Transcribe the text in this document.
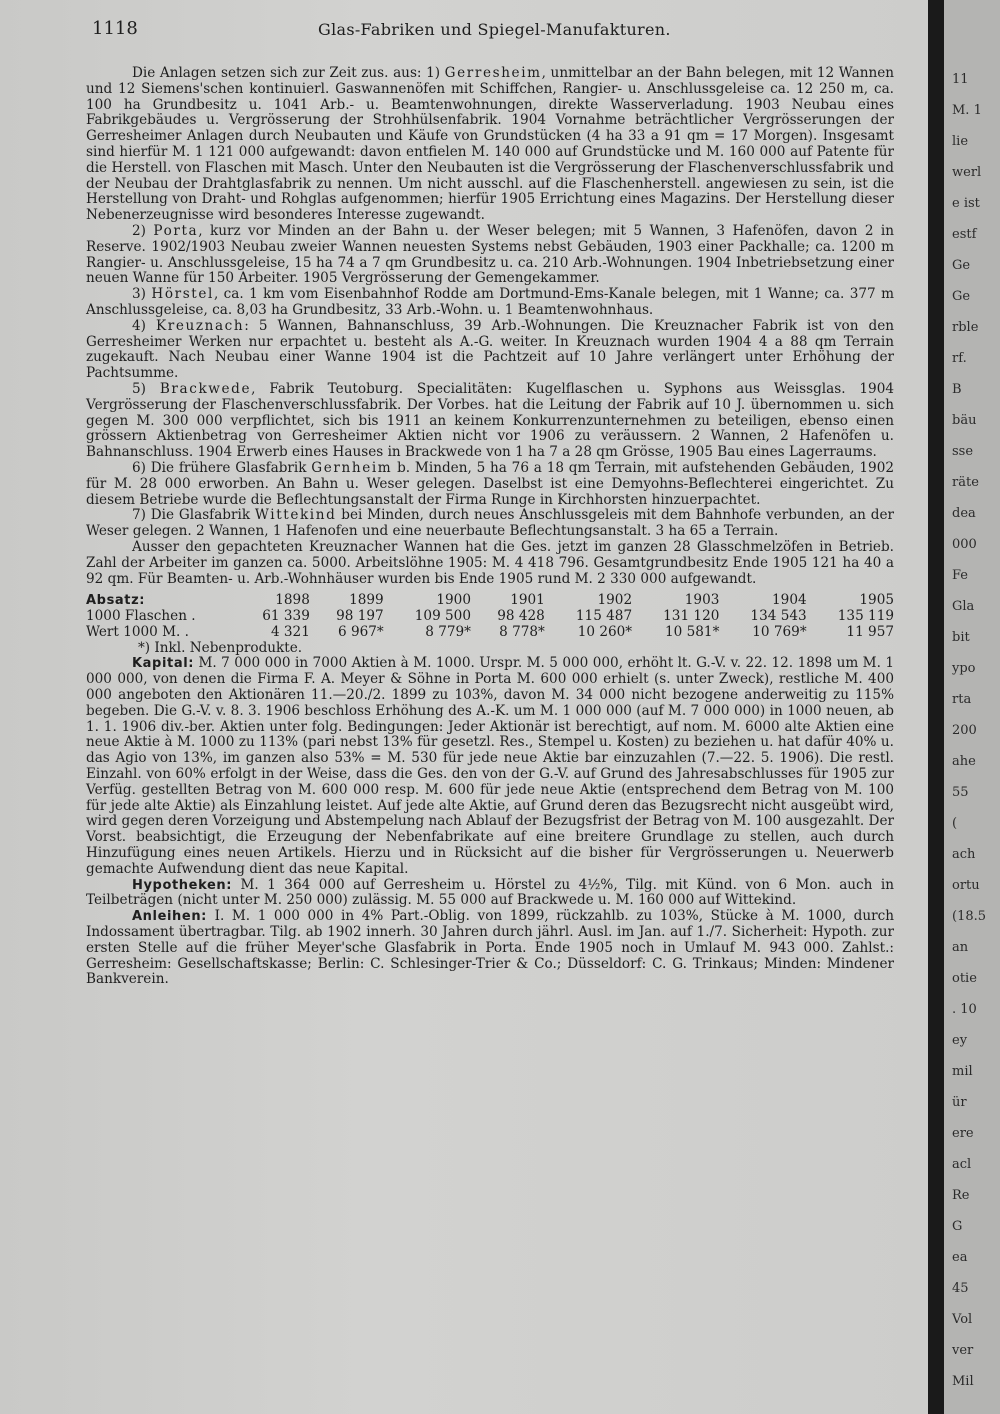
1118	Glas-Fabriken und Spiegel-Manufakturen.

Die Anlagen setzen sich zur Zeit zus. aus: 1) Gerresheim, unmittelbar an der Bahn belegen, mit 12 Wannen und 12 Siemens'schen kontinuierl. Gaswannenöfen mit Schiffchen, Rangier- u. Anschlussgeleise ca. 12 250 m, ca. 100 ha Grundbesitz u. 1041 Arb.- u. Beamtenwohnungen, direkte Wasserverladung. 1903 Neubau eines Fabrikgebäudes u. Vergrösserung der Strohhülsenfabrik. 1904 Vornahme beträchtlicher Vergrösserungen der Gerresheimer Anlagen durch Neubauten und Käufe von Grundstücken (4 ha 33 a 91 qm = 17 Morgen). Insgesamt sind hierfür M. 1 121 000 aufgewandt: davon entfielen M. 140 000 auf Grundstücke und M. 160 000 auf Patente für die Herstell. von Flaschen mit Masch. Unter den Neubauten ist die Vergrösserung der Flaschenverschlussfabrik und der Neubau der Drahtglasfabrik zu nennen. Um nicht ausschl. auf die Flaschenherstell. angewiesen zu sein, ist die Herstellung von Draht- und Rohglas aufgenommen; hierfür 1905 Errichtung eines Magazins. Der Herstellung dieser Nebenerzeugnisse wird besonderes Interesse zugewandt.

2) Porta, kurz vor Minden an der Bahn u. der Weser belegen; mit 5 Wannen, 3 Hafenöfen, davon 2 in Reserve. 1902/1903 Neubau zweier Wannen neuesten Systems nebst Gebäuden, 1903 einer Packhalle; ca. 1200 m Rangier- u. Anschlussgeleise, 15 ha 74 a 7 qm Grundbesitz u. ca. 210 Arb.-Wohnungen. 1904 Inbetriebsetzung einer neuen Wanne für 150 Arbeiter. 1905 Vergrösserung der Gemengekammer.

3) Hörstel, ca. 1 km vom Eisenbahnhof Rodde am Dortmund-Ems-Kanale belegen, mit 1 Wanne; ca. 377 m Anschlussgeleise, ca. 8,03 ha Grundbesitz, 33 Arb.-Wohn. u. 1 Beamtenwohnhaus.

4) Kreuznach: 5 Wannen, Bahnanschluss, 39 Arb.-Wohnungen. Die Kreuznacher Fabrik ist von den Gerresheimer Werken nur erpachtet u. besteht als A.-G. weiter. In Kreuznach wurden 1904 4 a 88 qm Terrain zugekauft. Nach Neubau einer Wanne 1904 ist die Pachtzeit auf 10 Jahre verlängert unter Erhöhung der Pachtsumme.

5) Brackwede, Fabrik Teutoburg. Specialitäten: Kugelflaschen u. Syphons aus Weissglas. 1904 Vergrösserung der Flaschenverschlussfabrik. Der Vorbes. hat die Leitung der Fabrik auf 10 J. übernommen u. sich gegen M. 300 000 verpflichtet, sich bis 1911 an keinem Konkurrenzunternehmen zu beteiligen, ebenso einen grössern Aktienbetrag von Gerresheimer Aktien nicht vor 1906 zu veräussern. 2 Wannen, 2 Hafenöfen u. Bahnanschluss. 1904 Erwerb eines Hauses in Brackwede von 1 ha 7 a 28 qm Grösse, 1905 Bau eines Lagerraums.

6) Die frühere Glasfabrik Gernheim b. Minden, 5 ha 76 a 18 qm Terrain, mit aufstehenden Gebäuden, 1902 für M. 28 000 erworben. An Bahn u. Weser gelegen. Daselbst ist eine Demyohns-Beflechterei eingerichtet. Zu diesem Betriebe wurde die Beflechtungsanstalt der Firma Runge in Kirchhorsten hinzuerpachtet.

7) Die Glasfabrik Wittekind bei Minden, durch neues Anschlussgeleis mit dem Bahnhofe verbunden, an der Weser gelegen. 2 Wannen, 1 Hafenofen und eine neuerbaute Beflechtungsanstalt. 3 ha 65 a Terrain.

Ausser den gepachteten Kreuznacher Wannen hat die Ges. jetzt im ganzen 28 Glasschmelzöfen in Betrieb. Zahl der Arbeiter im ganzen ca. 5000. Arbeitslöhne 1905: M. 4 418 796. Gesamtgrundbesitz Ende 1905 121 ha 40 a 92 qm. Für Beamten- u. Arb.-Wohnhäuser wurden bis Ende 1905 rund M. 2 330 000 aufgewandt.

Absatz:	1898	1899	1900	1901	1902	1903	1904	1905
1000 Flaschen .	61 339	98 197	109 500	98 428	115 487	131 120	134 543	135 119
Wert 1000 M. .	4 321	6 967*	8 779*	8 778*	10 260*	10 581*	10 769*	11 957
*) Inkl. Nebenprodukte.

Kapital: M. 7 000 000 in 7000 Aktien à M. 1000. Urspr. M. 5 000 000, erhöht lt. G.-V. v. 22. 12. 1898 um M. 1 000 000, von denen die Firma F. A. Meyer & Söhne in Porta M. 600 000 erhielt (s. unter Zweck), restliche M. 400 000 angeboten den Aktionären 11.—20./2. 1899 zu 103%, davon M. 34 000 nicht bezogene anderweitig zu 115% begeben. Die G.-V. v. 8. 3. 1906 beschloss Erhöhung des A.-K. um M. 1 000 000 (auf M. 7 000 000) in 1000 neuen, ab 1. 1. 1906 div.-ber. Aktien unter folg. Bedingungen: Jeder Aktionär ist berechtigt, auf nom. M. 6000 alte Aktien eine neue Aktie à M. 1000 zu 113% (pari nebst 13% für gesetzl. Res., Stempel u. Kosten) zu beziehen u. hat dafür 40% u. das Agio von 13%, im ganzen also 53% = M. 530 für jede neue Aktie bar einzuzahlen (7.—22. 5. 1906). Die restl. Einzahl. von 60% erfolgt in der Weise, dass die Ges. den von der G.-V. auf Grund des Jahresabschlusses für 1905 zur Verfüg. gestellten Betrag von M. 600 000 resp. M. 600 für jede neue Aktie (entsprechend dem Betrag von M. 100 für jede alte Aktie) als Einzahlung leistet. Auf jede alte Aktie, auf Grund deren das Bezugsrecht nicht ausgeübt wird, wird gegen deren Vorzeigung und Abstempelung nach Ablauf der Bezugsfrist der Betrag von M. 100 ausgezahlt. Der Vorst. beabsichtigt, die Erzeugung der Nebenfabrikate auf eine breitere Grundlage zu stellen, auch durch Hinzufügung eines neuen Artikels. Hierzu und in Rücksicht auf die bisher für Vergrösserungen u. Neuerwerb gemachte Aufwendung dient das neue Kapital.

Hypotheken: M. 1 364 000 auf Gerresheim u. Hörstel zu 4½%, Tilg. mit Künd. von 6 Mon. auch in Teilbeträgen (nicht unter M. 250 000) zulässig. M. 55 000 auf Brackwede u. M. 160 000 auf Wittekind.

Anleihen: I. M. 1 000 000 in 4% Part.-Oblig. von 1899, rückzahlb. zu 103%, Stücke à M. 1000, durch Indossament übertragbar. Tilg. ab 1902 innerh. 30 Jahren durch jährl. Ausl. im Jan. auf 1./7. Sicherheit: Hypoth. zur ersten Stelle auf die früher Meyer'sche Glasfabrik in Porta. Ende 1905 noch in Umlauf M. 943 000. Zahlst.: Gerresheim: Gesellschaftskasse; Berlin: C. Schlesinger-Trier & Co.; Düsseldorf: C. G. Trinkaus; Minden: Mindener Bankverein.

11
M. 1
lie
werl
e ist
estf
Ge
Ge
rble
rf.
B
bäu
sse
räte
dea
000
Fe
Gla
bit
ypo
rta
200
ahe
55
(
ach
ortu
(18.5
an
otie
. 10
ey
mil
ür
ere
acl
Re
G
ea
45
Vol
ver
Mil
